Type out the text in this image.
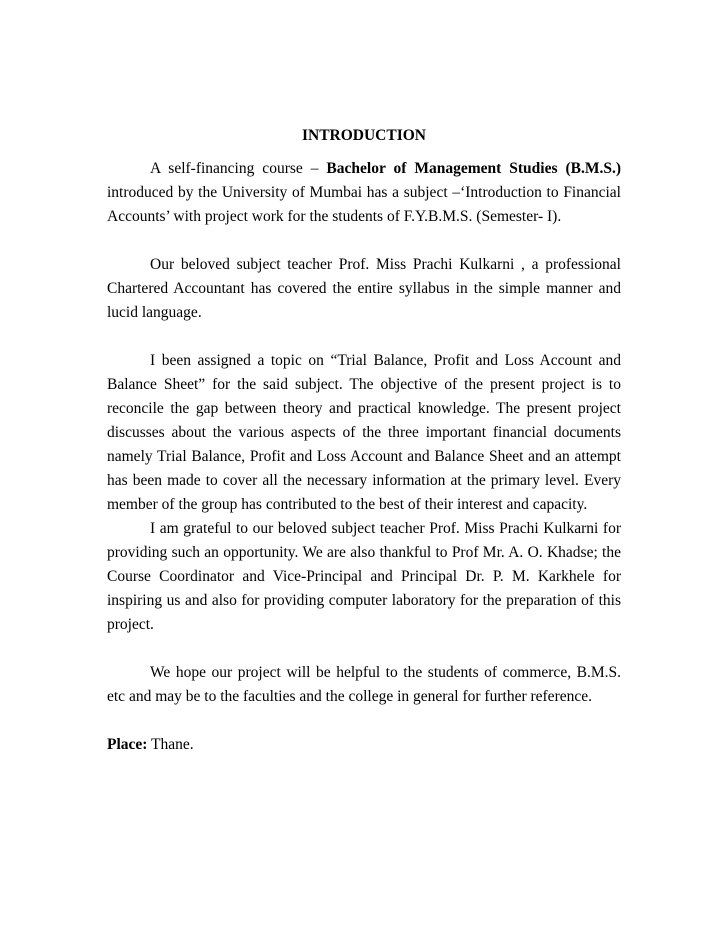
INTRODUCTION

A self-financing course – Bachelor of Management Studies (B.M.S.) introduced by the University of Mumbai has a subject –‘Introduction to Financial Accounts’ with project work for the students of F.Y.B.M.S. (Semester- I).

Our beloved subject teacher Prof. Miss Prachi Kulkarni , a professional Chartered Accountant has covered the entire syllabus in the simple manner and lucid language.

I been assigned a topic on “Trial Balance, Profit and Loss Account and Balance Sheet” for the said subject. The objective of the present project is to reconcile the gap between theory and practical knowledge. The present project discusses about the various aspects of the three important financial documents namely Trial Balance, Profit and Loss Account and Balance Sheet and an attempt has been made to cover all the necessary information at the primary level. Every member of the group has contributed to the best of their interest and capacity.

I am grateful to our beloved subject teacher Prof. Miss Prachi Kulkarni for providing such an opportunity. We are also thankful to Prof Mr. A. O. Khadse; the Course Coordinator and Vice-Principal and Principal Dr. P. M. Karkhele for inspiring us and also for providing computer laboratory for the preparation of this project.

We hope our project will be helpful to the students of commerce, B.M.S. etc and may be to the faculties and the college in general for further reference.

Place: Thane.
